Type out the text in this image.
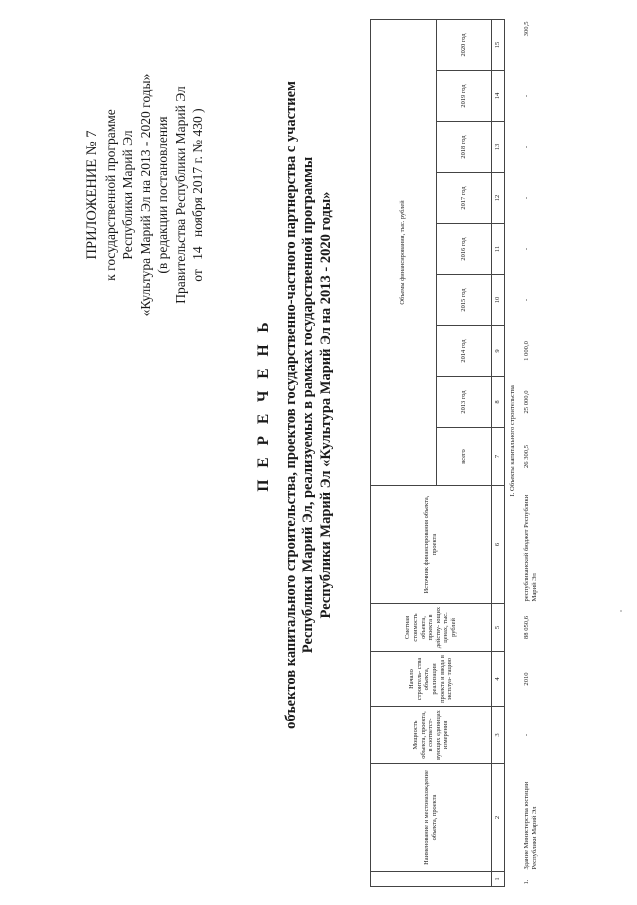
ПРИЛОЖЕНИЕ № 7 к государственной программе Республики Марий Эл «Культура Марий Эл на 2013 - 2020 годы» (в редакции постановления Правительства Республики Марий Эл от 14 ноября 2017 г. № 430 )
П Е Р Е Ч Е Н Ь объектов капитального строительства, проектов государственно-частного партнерства с участием Республики Марий Эл, реализуемых в рамках государственной программы Республики Марий Эл «Культура Марий Эл на 2013 - 2020 годы»
	Наименование и местонахождение объекта, проекта	Мощность объекта, проекта, в соответст- вующих единицах измерения	Начало строитель- ства объекта, реализации проекта и ввода в эксплуа- тацию	Сметная стоимость объекта, проекта в действу- ющих ценах, тыс. рублей	Источник финансирования объекта, проекта	Объемы финансирования, тыс. рублей								
						всего	2013 год	2014 год	2015 год	2016 год	2017 год	2018 год	2019 год	2020 год
1	2	3	4	5	6	7	8	9	10	11	12	13	14	15
I. Объекты капитального строительства														
1.	Здание Министерства юстиции Республики Марий Эл	-	2010	88 050,6	республиканский бюджет Республики Марий Эл	26 300,5	25 000,0	1 000,0	-	-	-	-	-	300,5
